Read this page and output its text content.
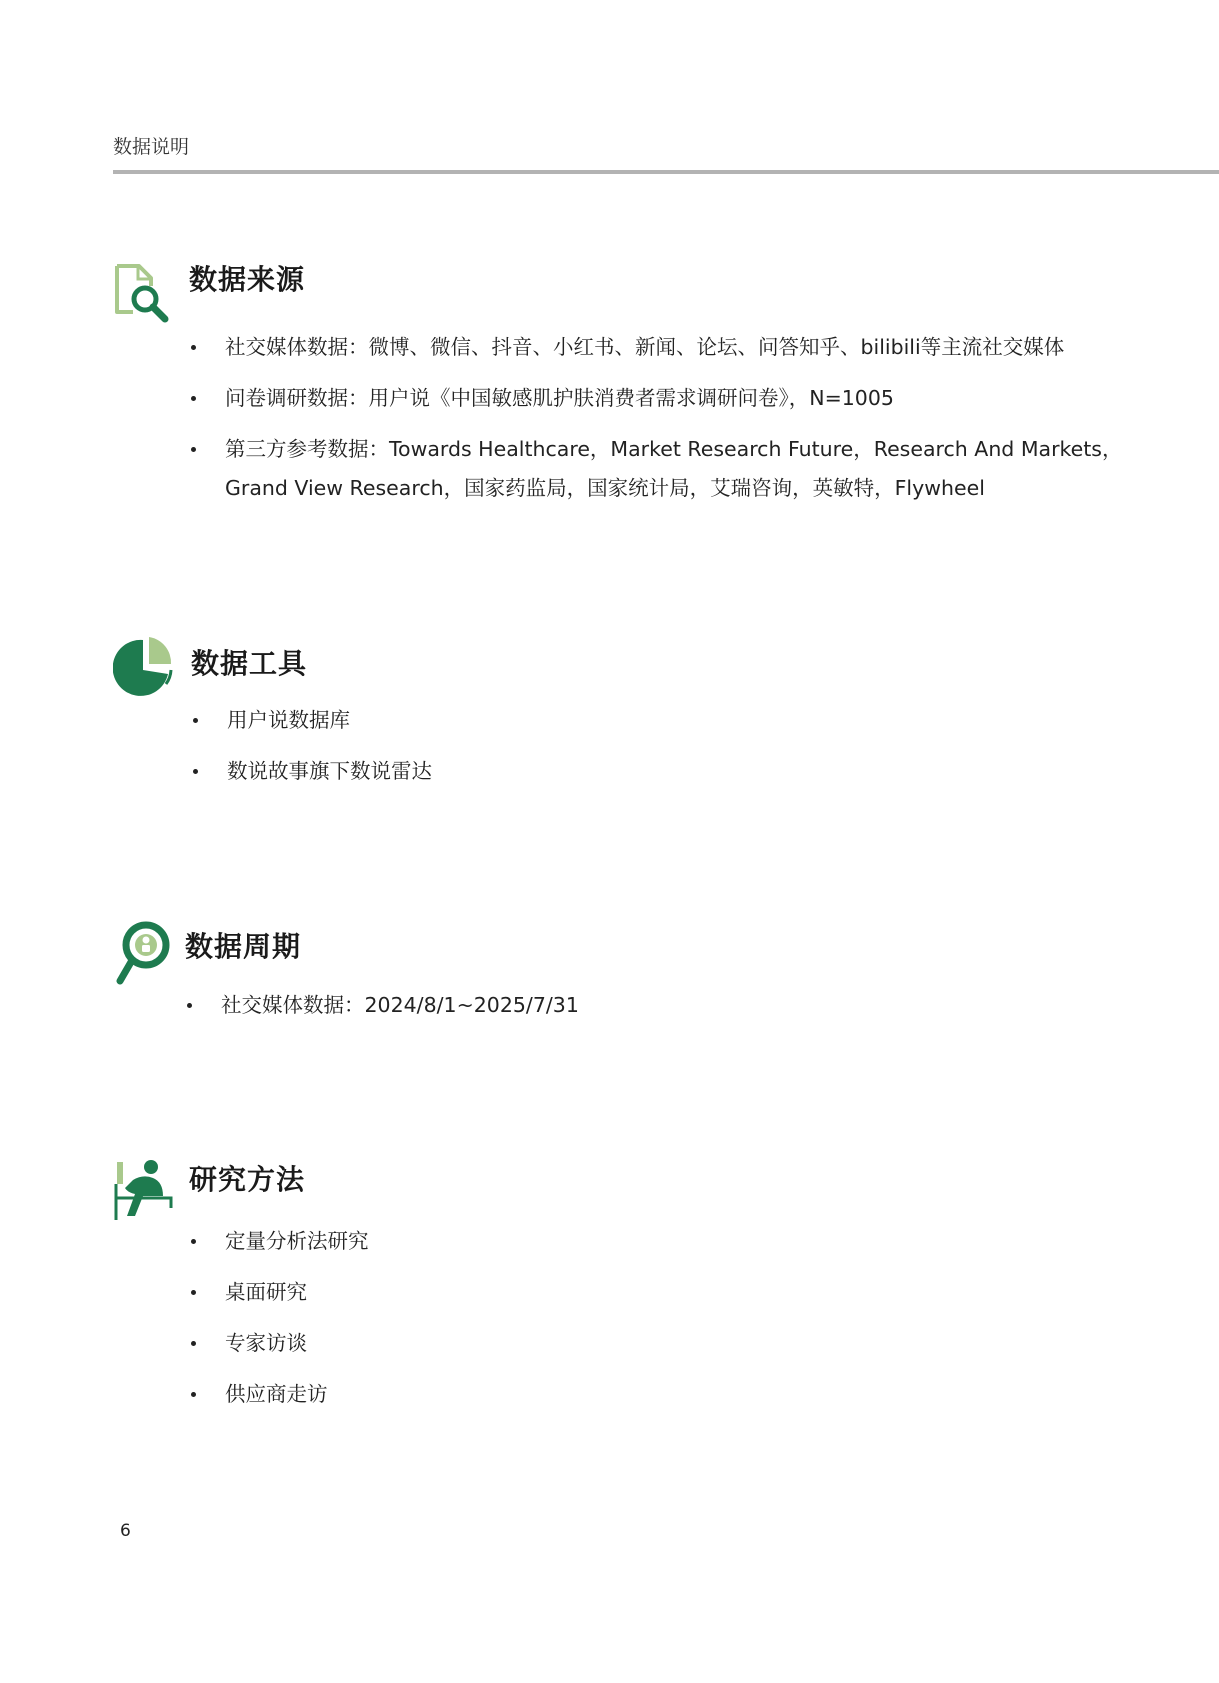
数据说明
数据来源
社交媒体数据：微博、微信、抖音、小红书、新闻、论坛、问答知乎、bilibili等主流社交媒体
问卷调研数据：用户说《中国敏感肌护肤消费者需求调研问卷》，N=1005
第三方参考数据：Towards Healthcare，Market Research Future，Research And Markets，Grand View Research，国家药监局，国家统计局，艾瑞咨询，英敏特，Flywheel
数据工具
用户说数据库
数说故事旗下数说雷达
数据周期
社交媒体数据：2024/8/1~2025/7/31
研究方法
定量分析法研究
桌面研究
专家访谈
供应商走访
6
